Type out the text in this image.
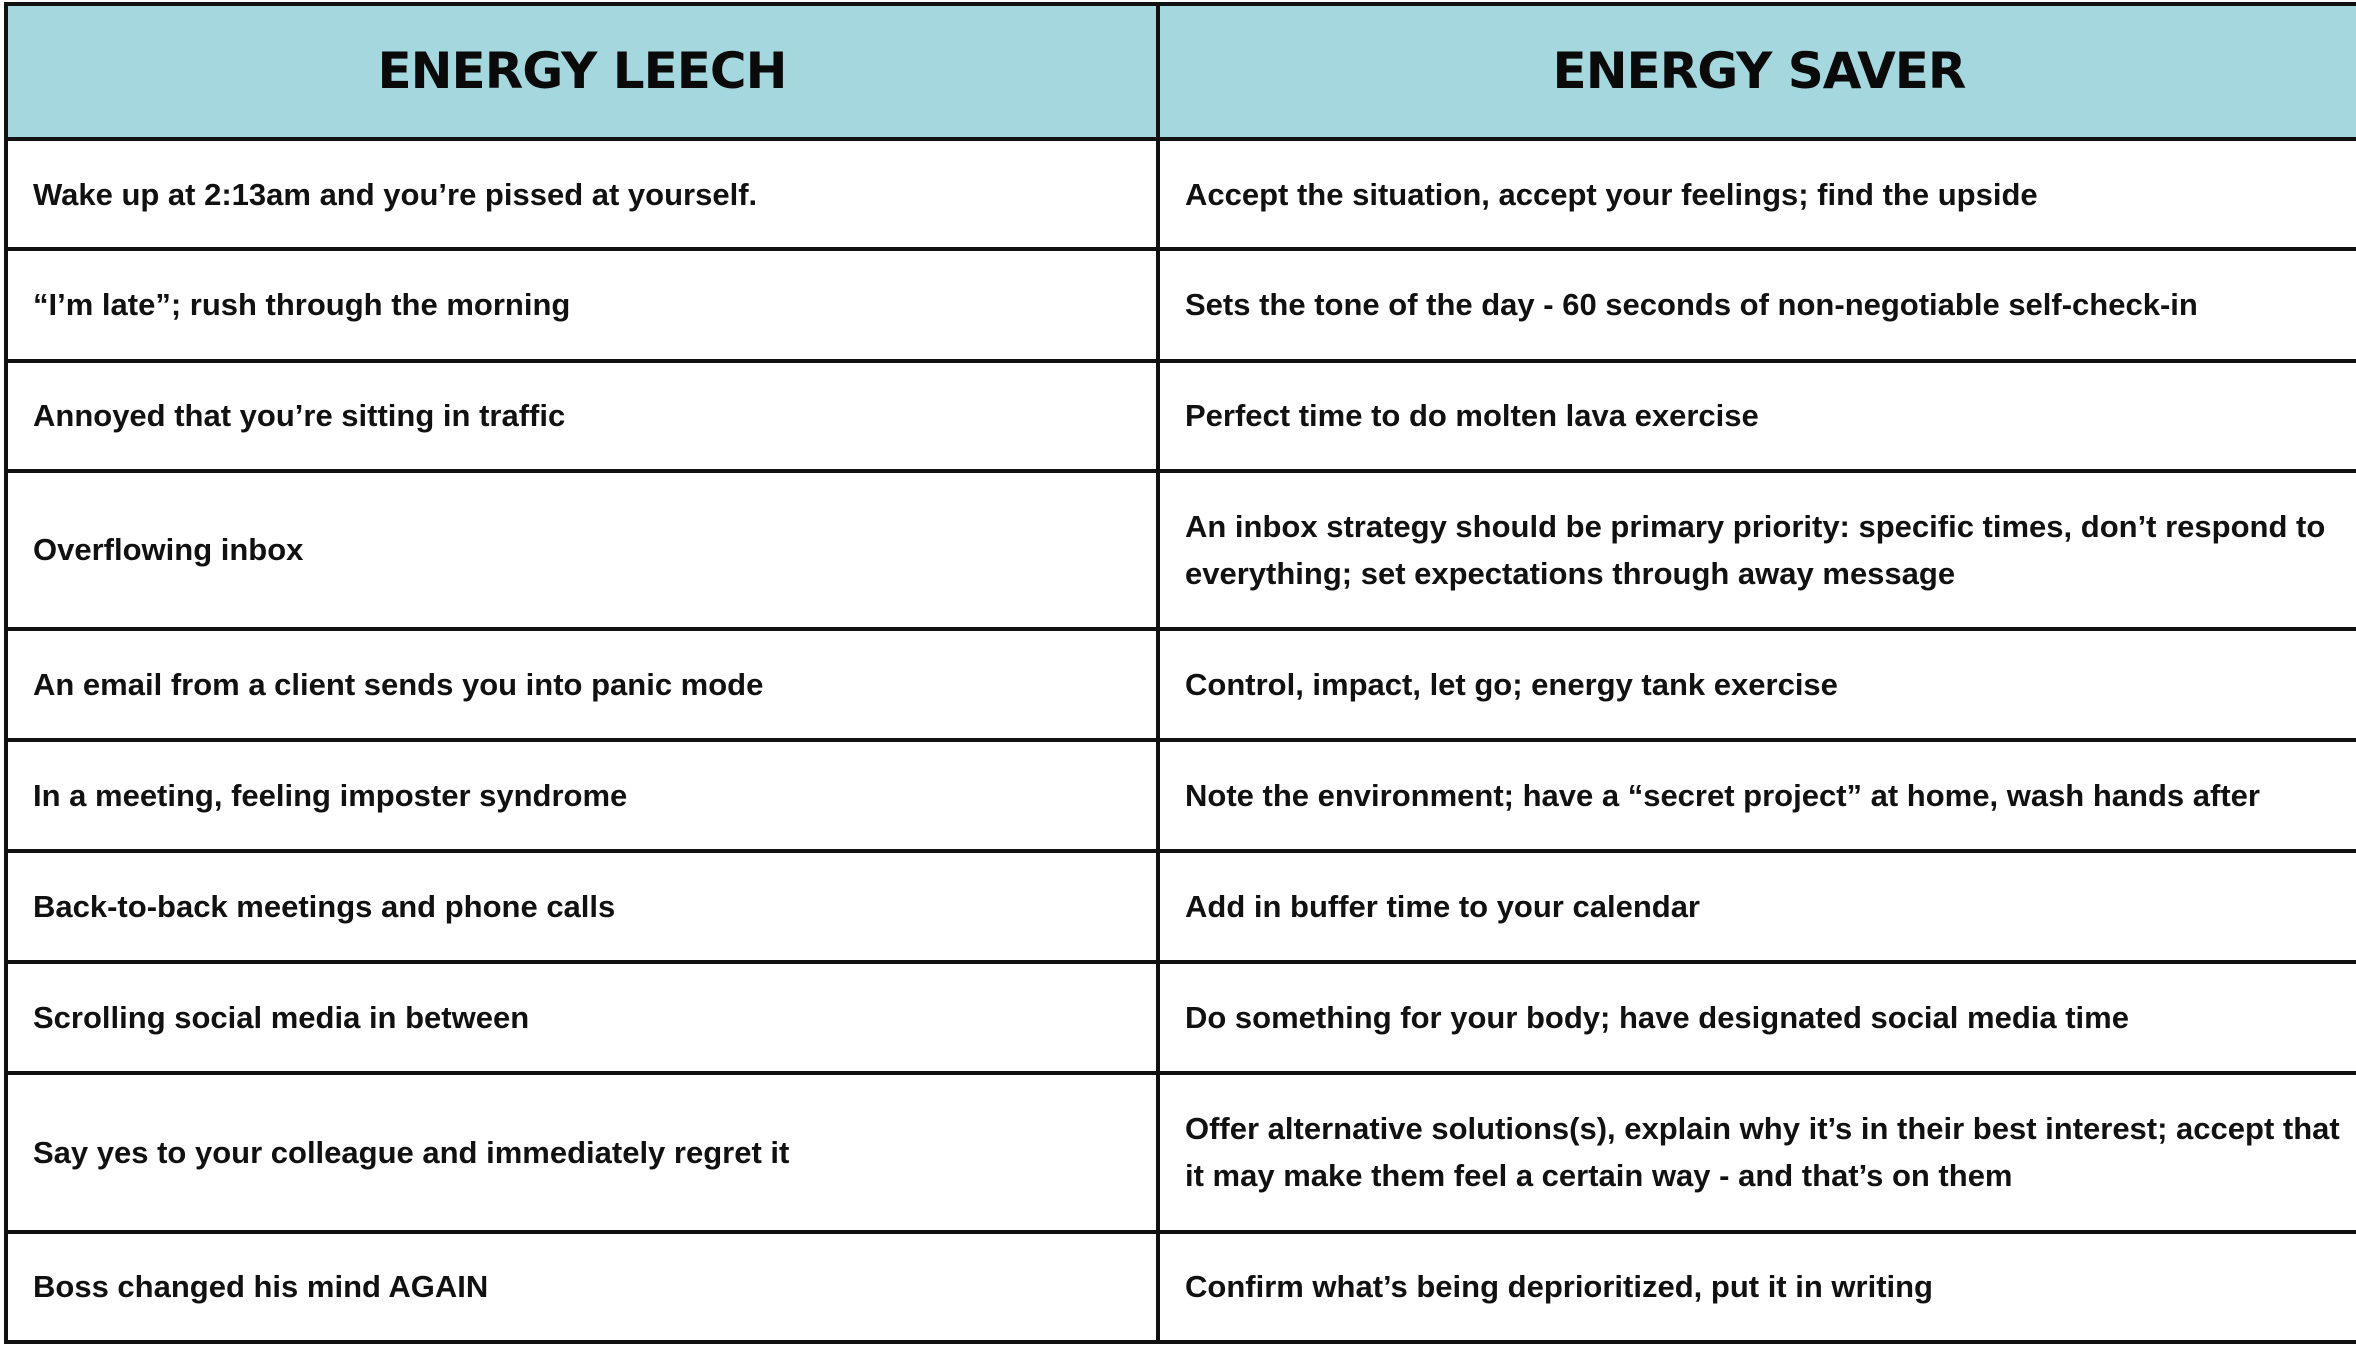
ENERGY LEECH	ENERGY SAVER

Wake up at 2:13am and you’re pissed at yourself.	Accept the situation, accept your feelings; find the upside

“I’m late”; rush through the morning	Sets the tone of the day - 60 seconds of non-negotiable self-check-in

Annoyed that you’re sitting in traffic	Perfect time to do molten lava exercise

Overflowing inbox	An inbox strategy should be primary priority: specific times, don’t respond to everything; set expectations through away message

An email from a client sends you into panic mode	Control, impact, let go; energy tank exercise

In a meeting, feeling imposter syndrome	Note the environment; have a “secret project” at home, wash hands after

Back-to-back meetings and phone calls	Add in buffer time to your calendar

Scrolling social media in between	Do something for your body; have designated social media time

Say yes to your colleague and immediately regret it	Offer alternative solutions(s), explain why it’s in their best interest; accept that it may make them feel a certain way - and that’s on them

Boss changed his mind AGAIN	Confirm what’s being deprioritized, put it in writing
